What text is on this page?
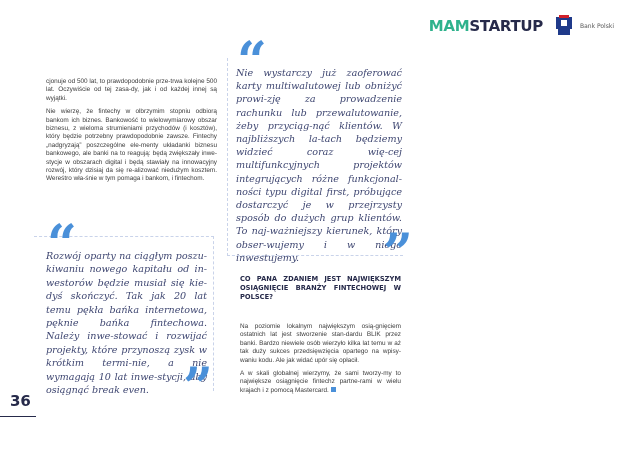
MAMSTARTUP	Bank Polski

cjonuje od 500 lat, to prawdopodobnie prze-trwa kolejne 500 lat. Oczywiście od tej zasa-dy, jak i od każdej innej są wyjątki.

Nie wierzę, że fintechy w olbrzymim stopniu odbiorą bankom ich biznes. Bankowość to wielowymiarowy obszar biznesu, z wieloma strumieniami przychodów (i kosztów), który będzie potrzebny prawdopodobnie zawsze. Fintechy „nadgryzają” poszczególne ele-menty układanki biznesu bankowego, ale banki na to reagują: będą zwiększały inwe-stycje w obszarach digital i będą stawiały na innowacyjny rozwój, który dzisiaj da się re-alizować niedużym kosztem. Wereśtro wła-śnie w tym pomaga i bankom, i fintechom.

“
Nie wystarczy już zaoferować karty multiwalutowej lub obniżyć prowi-zję za prowadzenie rachunku lub przewalutowanie, żeby przyciąg-nąć klientów. W najbliższych la-tach będziemy widzieć coraz wię-cej multifunkcyjnych projektów integrujących różne funkcjonal-ności typu digital first, próbujące dostarczyć je w przejrzysty sposób do dużych grup klientów. To naj-ważniejszy kierunek, który obser-wujemy i w niego inwestujemy.	”
“
Rozwój oparty na ciągłym poszu-kiwaniu nowego kapitału od in-westorów będzie musiał się kie-dyś skończyć. Tak jak 20 lat temu pękła bańka internetowa, pęknie bańka fintechowa. Należy inwe-stować i rozwijać projekty, które przynoszą zysk w krótkim termi-nie, a nie wymagają 10 lat inwe-stycji, aby osiągnąć break even. ”
CO PANA ZDANIEM JEST NAJWIĘKSZYM OSIĄGNIĘCIE BRANŻY FINTECHOWEJ W POLSCE?

Na poziomie lokalnym największym osią-gnięciem ostatnich lat jest stworzenie stan-dardu BLIK przez banki. Bardzo niewiele osób wierzyło kilka lat temu w aż tak duży sukces przedsięwzięcia opartego na wpisy-waniu kodu. Ale jak widać upór się opłacił.

A w skali globalnej wierzymy, że sami tworzy-my to największe osiągnięcie fintechz partne-rami w wielu krajach i z pomocą Mastercard.

36
